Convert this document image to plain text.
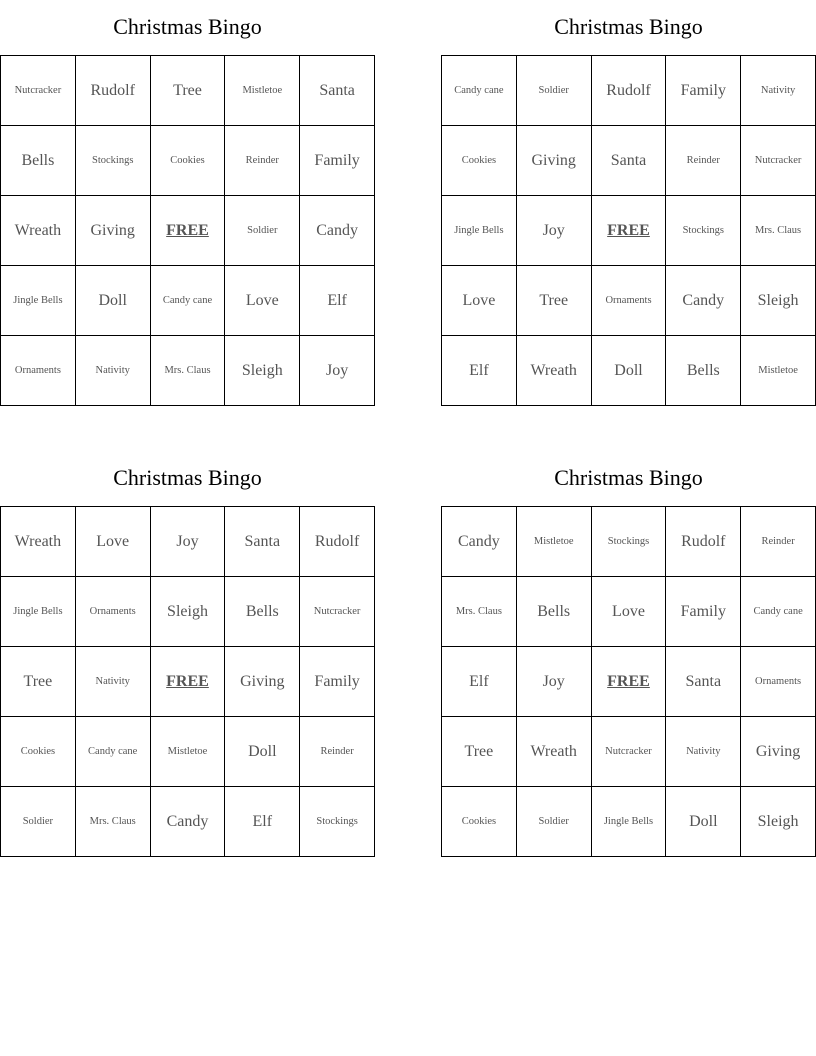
Christmas Bingo
Nutcracker	Rudolf	Tree	Mistletoe	Santa
Bells	Stockings	Cookies	Reinder	Family
Wreath	Giving	FREE	Soldier	Candy
Jingle Bells	Doll	Candy cane	Love	Elf
Ornaments	Nativity	Mrs. Claus	Sleigh	Joy
Christmas Bingo
Candy cane	Soldier	Rudolf	Family	Nativity
Cookies	Giving	Santa	Reinder	Nutcracker
Jingle Bells	Joy	FREE	Stockings	Mrs. Claus
Love	Tree	Ornaments	Candy	Sleigh
Elf	Wreath	Doll	Bells	Mistletoe
Christmas Bingo
Wreath	Love	Joy	Santa	Rudolf
Jingle Bells	Ornaments	Sleigh	Bells	Nutcracker
Tree	Nativity	FREE	Giving	Family
Cookies	Candy cane	Mistletoe	Doll	Reinder
Soldier	Mrs. Claus	Candy	Elf	Stockings
Christmas Bingo
Candy	Mistletoe	Stockings	Rudolf	Reinder
Mrs. Claus	Bells	Love	Family	Candy cane
Elf	Joy	FREE	Santa	Ornaments
Tree	Wreath	Nutcracker	Nativity	Giving
Cookies	Soldier	Jingle Bells	Doll	Sleigh
